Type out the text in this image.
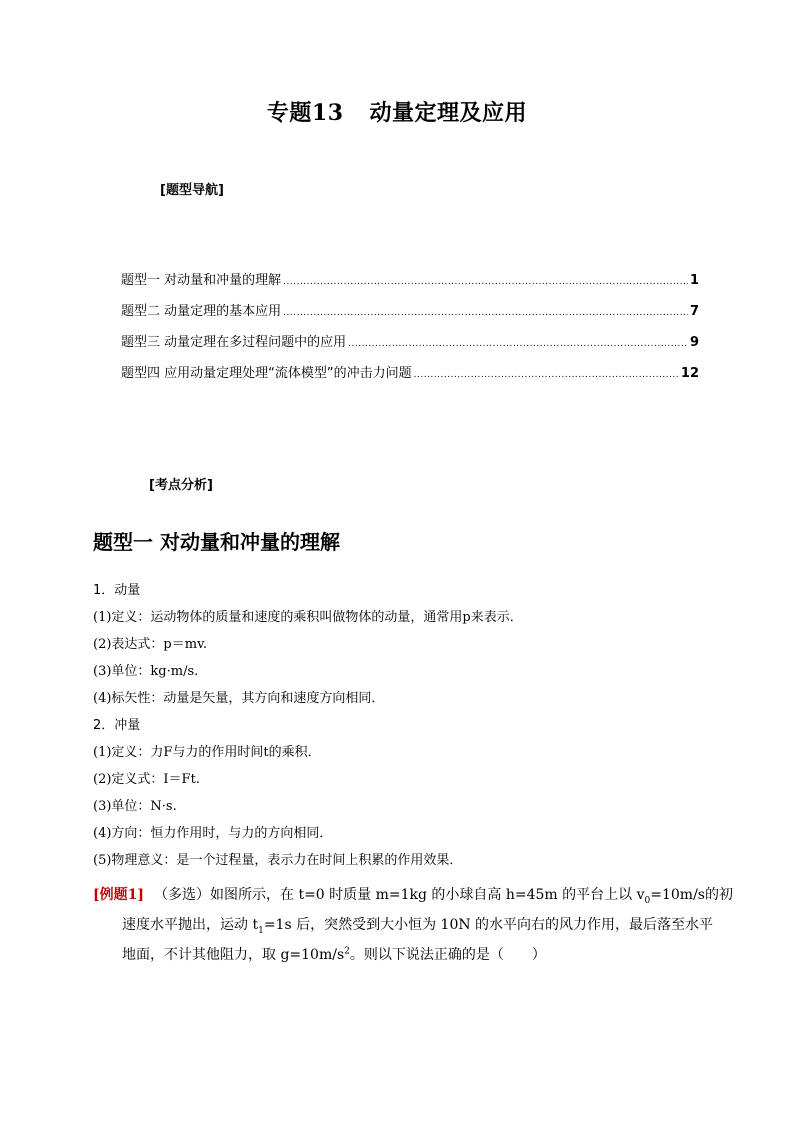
专题13 动量定理及应用
[题型导航]
题型一 对动量和冲量的理解 .....	1
题型二 动量定理的基本应用 .....	7
题型三 动量定理在多过程问题中的应用 .....	9
题型四 应用动量定理处理“流体模型”的冲击力问题 .....	12
[考点分析]
题型一 对动量和冲量的理解
1．动量
(1)定义：运动物体的质量和速度的乘积叫做物体的动量，通常用p来表示．
(2)表达式：p＝mv.
(3)单位：kg·m/s.
(4)标矢性：动量是矢量，其方向和速度方向相同．
2．冲量
(1)定义：力F与力的作用时间t的乘积．
(2)定义式：I＝Ft.
(3)单位：N·s.
(4)方向：恒力作用时，与力的方向相同．
(5)物理意义：是一个过程量，表示力在时间上积累的作用效果．
[例题1] （多选）如图所示，在 t=0 时质量 m=1kg 的小球自高 h=45m 的平台上以 $v_0=10m/s$的初
速度水平抛出，运动 $t_1=1s$ 后，突然受到大小恒为 10N 的水平向右的风力作用，最后落至水平
地面，不计其他阻力，取 $g=10m/s^2$。则以下说法正确的是（　　）
